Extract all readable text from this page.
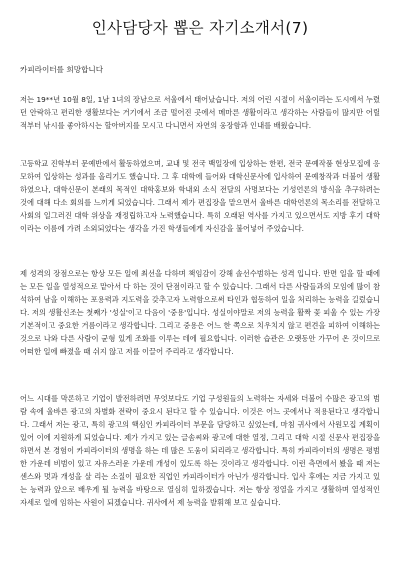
인사담당자 뽑은 자기소개서(7)
카피라이터를 희망합니다

저는 19**년 10월 8일, 1남 1녀의 장남으로 서울에서 태어났습니다. 저의 어린 시절이 서울이라는 도시에서 누렸던 안락하고 편리한 생활보다는 거기에서 조금 떨어진 곳에서 메마른 생활이라고 생각하는 사람들이 많지만 어릴 적부터 낚시를 좋아하시는 할아버지를 모시고 다니면서 자연의 웅장함과 인내를 배웠습니다.

고등학교 진학부터 문예반에서 활동하였으며, 교내 및 전국 백일장에 입상하는 한편, 전국 문예작품 현상모집에 응모하여 입상하는 성과를 올리기도 했습니다. 그 후 대학에 들어와 대학신문사에 입사하여 문예창작과 더불어 생활하였으나, 대학신문이 본래의 목적인 대학홍보와 학내외 소식 전달의 사명보다는 기성언론의 방식을 추구하려는 것에 대해 다소 회의를 느끼게 되었습니다. 그래서 제가 편집장을 맡으면서 울바른 대학언론의 목소리를 전달하고 사회의 일그러진 대학 위상을 재정립하고자 노력했습니다. 특히 오래된 역사를 가지고 있으면서도 지방 후기 대학이라는 이름에 가려 소외되었다는 생각을 가진 학생들에게 자신감을 불어넣어 주었습니다.

제 성격의 장점으로는 항상 모든 일에 최선을 다하며 책임감이 강해 솔선수범하는 성격 입니다. 반면 일을 할 때에는 모든 일을 열성적으로 맡아서 다 하는 것이 단점이라고 할 수 있습니다. 그래서 다른 사람들과의 모임에 많이 참석하여 남을 이해하는 포용력과 지도력을 갖추고자 노력함으로써 타인과 협동하여 일을 처리하는 능력을 길렀습니다. 저의 생활신조는 첫째가 '성실'이고 다음이 '중용'입니다. 성실이야말로 저의 능력을 활짝 꽃 피울 수 있는 가장 기본적이고 중요한 거름이라고 생각합니다. 그리고 중용은 어느 한 쪽으로 치우치지 않고 편견을 피하여 이해하는 것으로 나와 다른 사람이 균형 있게 조화를 이루는 데에 필요합니다. 이러한 습관은 오랫동안 가꾸어 온 것이므로 어떠한 일에 빠졌을 때 쉬지 않고 저를 이끌어 주리라고 생각합니다.

어느 시대를 막론하고 기업이 발전하려면 무엇보다도 기업 구성원들의 노력하는 자세와 더불어 수많은 광고의 범람 속에 울바른 광고의 차별화 전략이 중요시 된다고 할 수 있습니다. 이것은 어느 곳에서나 적용된다고 생각합니다. 그래서 저는 광고, 특히 광고의 핵심인 카피라이터 부문을 담당하고 싶었는데, 마침 귀사에서 사원모집 계획이 있어 이에 지원하게 되었습니다. 제가 가지고 있는 글솜씨와 광고에 대한 열정, 그리고 대학 시절 신문사 편집장을 하면서 본 경험이 카피라이터의 생명을 하는 데 많은 도움이 되리라고 생각합니다. 특히 카피라이터의 생명은 평범한 가운데 비범이 있고 자유스러운 가운데 개성이 있도록 하는 것이라고 생각합니다. 이런 측면에서 봤을 때 저는 센스와 멋과 개성을 살 리는 소질이 필요한 직업인 카피라이터가 아닌가 생각합니다. 입사 후에는 지금 가지고 있는 능력과 앞으로 배우게 될 능력을 바탕으로 열심히 일하겠습니다. 저는 항상 정열을 가지고 생활하며 열성적인 자세로 일에 임하는 사원이 되겠습니다. 귀사에서 제 능력을 발휘해 보고 싶습니다.
